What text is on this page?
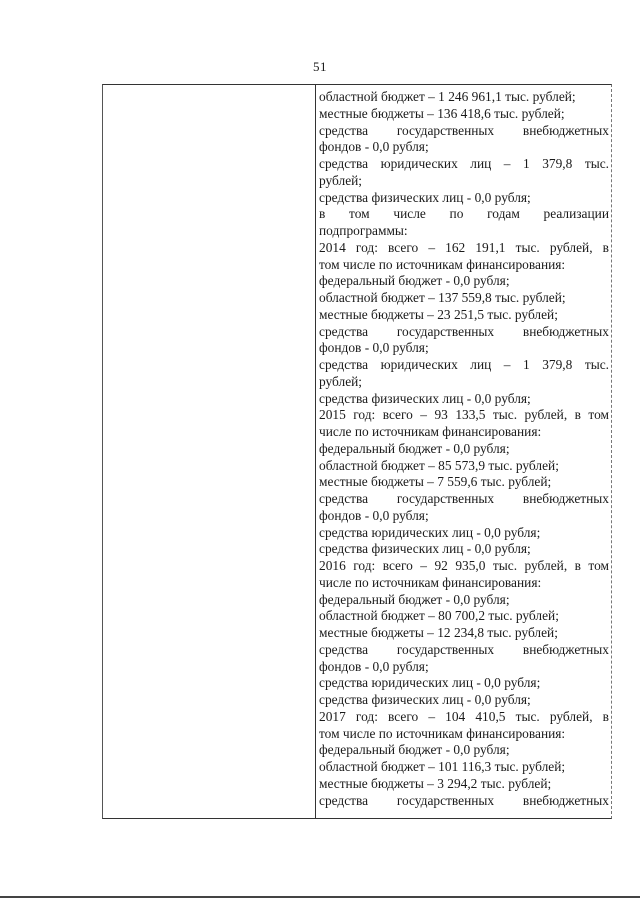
51
областной бюджет – 1 246 961,1 тыс. рублей;
местные бюджеты – 136 418,6 тыс. рублей;
средства государственных внебюджетных
фондов - 0,0 рубля;
средства юридических лиц – 1 379,8 тыс.
рублей;
средства физических лиц - 0,0 рубля;
в том числе по годам реализации
подпрограммы:
2014 год: всего – 162 191,1 тыс. рублей, в
том числе по источникам финансирования:
федеральный бюджет - 0,0 рубля;
областной бюджет – 137 559,8 тыс. рублей;
местные бюджеты – 23 251,5 тыс. рублей;
средства государственных внебюджетных
фондов - 0,0 рубля;
средства юридических лиц – 1 379,8 тыс.
рублей;
средства физических лиц - 0,0 рубля;
2015 год: всего – 93 133,5 тыс. рублей, в том
числе по источникам финансирования:
федеральный бюджет - 0,0 рубля;
областной бюджет – 85 573,9 тыс. рублей;
местные бюджеты – 7 559,6 тыс. рублей;
средства государственных внебюджетных
фондов - 0,0 рубля;
средства юридических лиц - 0,0 рубля;
средства физических лиц - 0,0 рубля;
2016 год: всего – 92 935,0 тыс. рублей, в том
числе по источникам финансирования:
федеральный бюджет - 0,0 рубля;
областной бюджет – 80 700,2 тыс. рублей;
местные бюджеты – 12 234,8 тыс. рублей;
средства государственных внебюджетных
фондов - 0,0 рубля;
средства юридических лиц - 0,0 рубля;
средства физических лиц - 0,0 рубля;
2017 год: всего – 104 410,5 тыс. рублей, в
том числе по источникам финансирования:
федеральный бюджет - 0,0 рубля;
областной бюджет – 101 116,3 тыс. рублей;
местные бюджеты – 3 294,2 тыс. рублей;
средства государственных внебюджетных
